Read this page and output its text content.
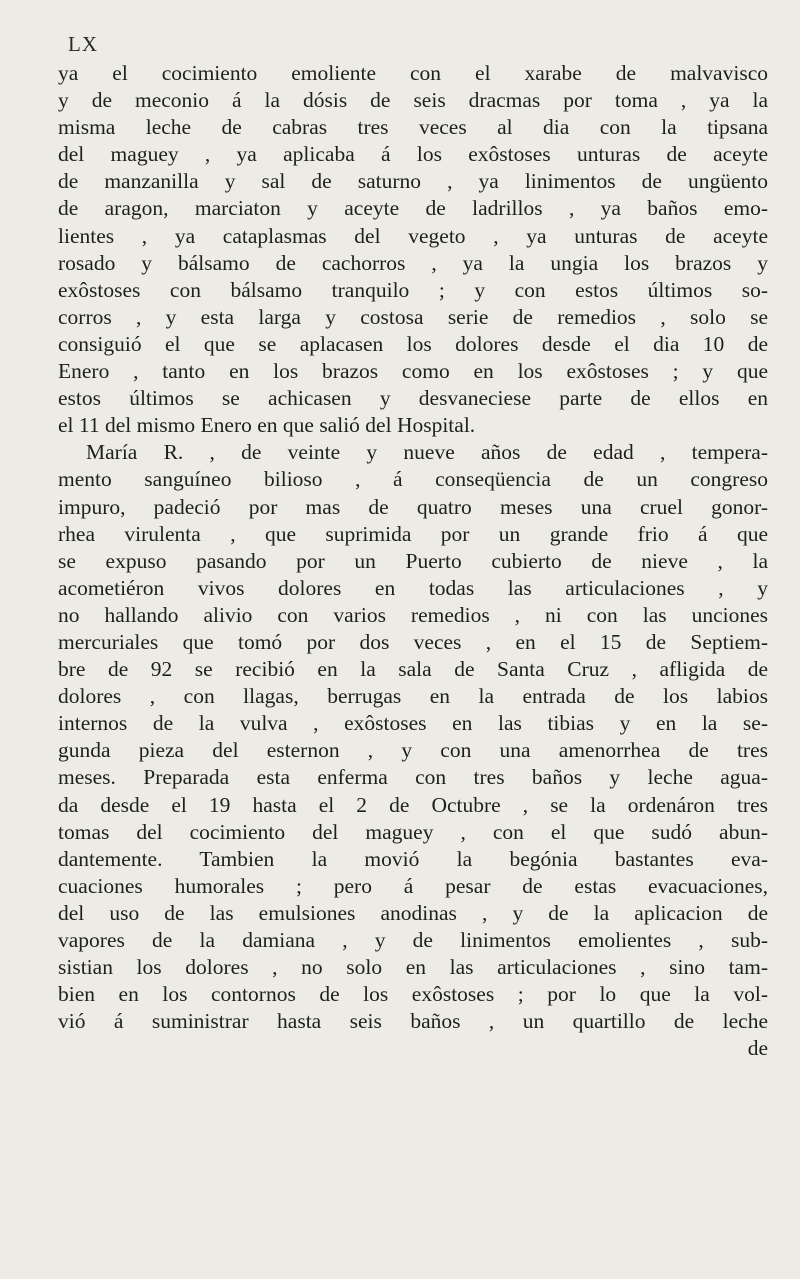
LX
ya el cocimiento emoliente con el xarabe de malvavisco
y de meconio á la dósis de seis dracmas por toma , ya la
misma leche de cabras tres veces al dia con la tipsana
del maguey , ya aplicaba á los exôstoses unturas de aceyte
de manzanilla y sal de saturno , ya linimentos de ungüento
de aragon, marciaton y aceyte de ladrillos , ya baños emo-
lientes , ya cataplasmas del vegeto , ya unturas de aceyte
rosado y bálsamo de cachorros , ya la ungia los brazos y
exôstoses con bálsamo tranquilo ; y con estos últimos so-
corros , y esta larga y costosa serie de remedios , solo se
consiguió el que se aplacasen los dolores desde el dia 10 de
Enero , tanto en los brazos como en los exôstoses ; y que
estos últimos se achicasen y desvaneciese parte de ellos en
el 11 del mismo Enero en que salió del Hospital.
María R. , de veinte y nueve años de edad , tempera-
mento sanguíneo bilioso , á conseqüencia de un congreso
impuro, padeció por mas de quatro meses una cruel gonor-
rhea virulenta , que suprimida por un grande frio á que
se expuso pasando por un Puerto cubierto de nieve , la
acometiéron vivos dolores en todas las articulaciones , y
no hallando alivio con varios remedios , ni con las unciones
mercuriales que tomó por dos veces , en el 15 de Septiem-
bre de 92 se recibió en la sala de Santa Cruz , afligida de
dolores , con llagas, berrugas en la entrada de los labios
internos de la vulva , exôstoses en las tibias y en la se-
gunda pieza del esternon , y con una amenorrhea de tres
meses. Preparada esta enferma con tres baños y leche agua-
da desde el 19 hasta el 2 de Octubre , se la ordenáron tres
tomas del cocimiento del maguey , con el que sudó abun-
dantemente. Tambien la movió la begónia bastantes eva-
cuaciones humorales ; pero á pesar de estas evacuaciones,
del uso de las emulsiones anodinas , y de la aplicacion de
vapores de la damiana , y de linimentos emolientes , sub-
sistian los dolores , no solo en las articulaciones , sino tam-
bien en los contornos de los exôstoses ; por lo que la vol-
vió á suministrar hasta seis baños , un quartillo de leche
de
